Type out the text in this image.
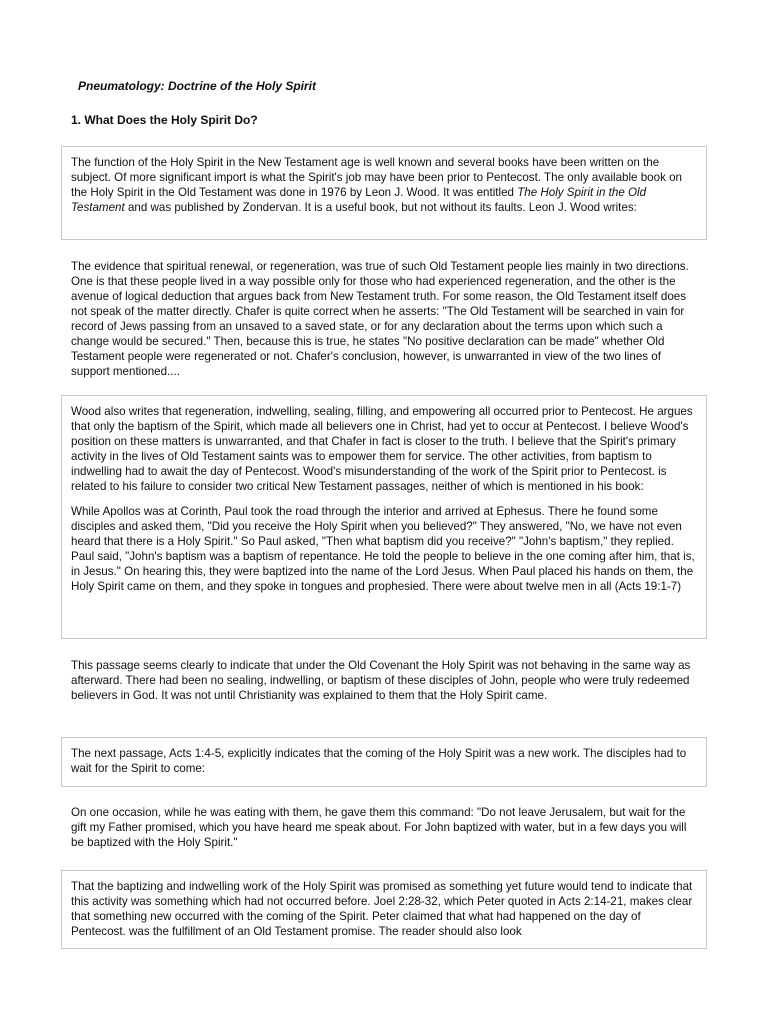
Pneumatology: Doctrine of the Holy Spirit
1. What Does the Holy Spirit Do?

The function of the Holy Spirit in the New Testament age is well known and several books have been written on the subject. Of more significant import is what the Spirit's job may have been prior to Pentecost. The only available book on the Holy Spirit in the Old Testament was done in 1976 by Leon J. Wood. It was entitled The Holy Spirit in the Old Testament and was published by Zondervan. It is a useful book, but not without its faults. Leon J. Wood writes:

The evidence that spiritual renewal, or regeneration, was true of such Old Testament people lies mainly in two directions. One is that these people lived in a way possible only for those who had experienced regeneration, and the other is the avenue of logical deduction that argues back from New Testament truth. For some reason, the Old Testament itself does not speak of the matter directly. Chafer is quite correct when he asserts: "The Old Testament will be searched in vain for record of Jews passing from an unsaved to a saved state, or for any declaration about the terms upon which such a change would be secured." Then, because this is true, he states "No positive declaration can be made" whether Old Testament people were regenerated or not. Chafer's conclusion, however, is unwarranted in view of the two lines of support mentioned....

Wood also writes that regeneration, indwelling, sealing, filling, and empowering all occurred prior to Pentecost. He argues that only the baptism of the Spirit, which made all believers one in Christ, had yet to occur at Pentecost. I believe Wood's position on these matters is unwarranted, and that Chafer in fact is closer to the truth. I believe that the Spirit's primary activity in the lives of Old Testament saints was to empower them for service. The other activities, from baptism to indwelling had to await the day of Pentecost. Wood's misunderstanding of the work of the Spirit prior to Pentecost. is related to his failure to consider two critical New Testament passages, neither of which is mentioned in his book:

While Apollos was at Corinth, Paul took the road through the interior and arrived at Ephesus. There he found some disciples and asked them, "Did you receive the Holy Spirit when you believed?" They answered, "No, we have not even heard that there is a Holy Spirit." So Paul asked, "Then what baptism did you receive?" "John's baptism," they replied. Paul said, "John's baptism was a baptism of repentance. He told the people to believe in the one coming after him, that is, in Jesus." On hearing this, they were baptized into the name of the Lord Jesus. When Paul placed his hands on them, the Holy Spirit came on them, and they spoke in tongues and prophesied. There were about twelve men in all (Acts 19:1-7)

This passage seems clearly to indicate that under the Old Covenant the Holy Spirit was not behaving in the same way as afterward. There had been no sealing, indwelling, or baptism of these disciples of John, people who were truly redeemed believers in God. It was not until Christianity was explained to them that the Holy Spirit came.

The next passage, Acts 1:4-5, explicitly indicates that the coming of the Holy Spirit was a new work. The disciples had to wait for the Spirit to come:

On one occasion, while he was eating with them, he gave them this command: "Do not leave Jerusalem, but wait for the gift my Father promised, which you have heard me speak about. For John baptized with water, but in a few days you will be baptized with the Holy Spirit."

That the baptizing and indwelling work of the Holy Spirit was promised as something yet future would tend to indicate that this activity was something which had not occurred before. Joel 2:28-32, which Peter quoted in Acts 2:14-21, makes clear that something new occurred with the coming of the Spirit. Peter claimed that what had happened on the day of Pentecost. was the fulfillment of an Old Testament promise. The reader should also look
